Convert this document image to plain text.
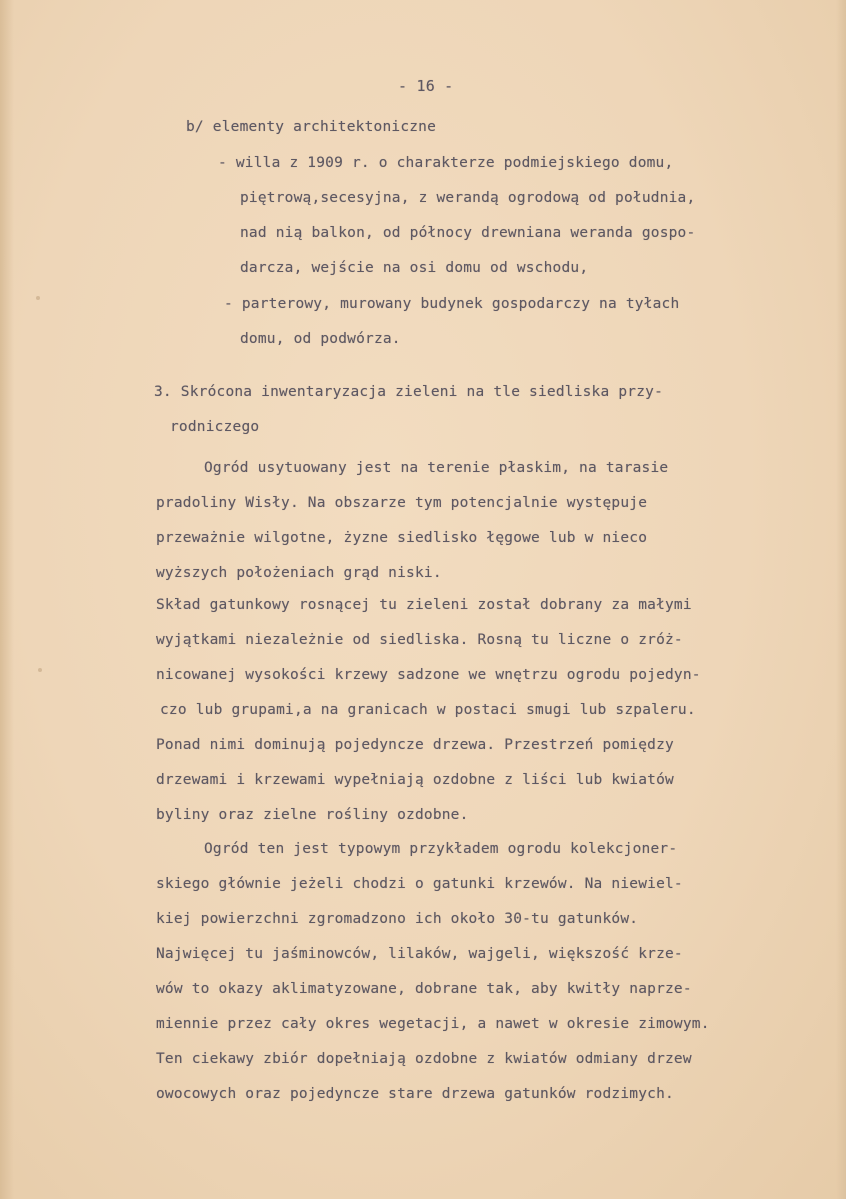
- 16 -
b/ elementy architektoniczne
- willa z 1909 r. o charakterze podmiejskiego domu,
piętrową,secesyjna, z werandą ogrodową od południa,
nad nią balkon, od północy drewniana weranda gospo-
darcza, wejście na osi domu od wschodu,
- parterowy, murowany budynek gospodarczy na tyłach
domu, od podwórza.
3. Skrócona inwentaryzacja zieleni na tle siedliska przy-
rodniczego
Ogród usytuowany jest na terenie płaskim, na tarasie
pradoliny Wisły. Na obszarze tym potencjalnie występuje
przeważnie wilgotne, żyzne siedlisko łęgowe lub w nieco
wyższych położeniach grąd niski.
Skład gatunkowy rosnącej tu zieleni został dobrany za małymi
wyjątkami niezależnie od siedliska. Rosną tu liczne o zróż-
nicowanej wysokości krzewy sadzone we wnętrzu ogrodu pojedyn-
czo lub grupami,a na granicach w postaci smugi lub szpaleru.
Ponad nimi dominują pojedyncze drzewa. Przestrzeń pomiędzy
drzewami i krzewami wypełniają ozdobne z liści lub kwiatów
byliny oraz zielne rośliny ozdobne.
Ogród ten jest typowym przykładem ogrodu kolekcjoner-
skiego głównie jeżeli chodzi o gatunki krzewów. Na niewiel-
kiej powierzchni zgromadzono ich około 30-tu gatunków.
Najwięcej tu jaśminowców, lilaków, wajgeli, większość krze-
wów to okazy aklimatyzowane, dobrane tak, aby kwitły naprze-
miennie przez cały okres wegetacji, a nawet w okresie zimowym.
Ten ciekawy zbiór dopełniają ozdobne z kwiatów odmiany drzew
owocowych oraz pojedyncze stare drzewa gatunków rodzimych.
